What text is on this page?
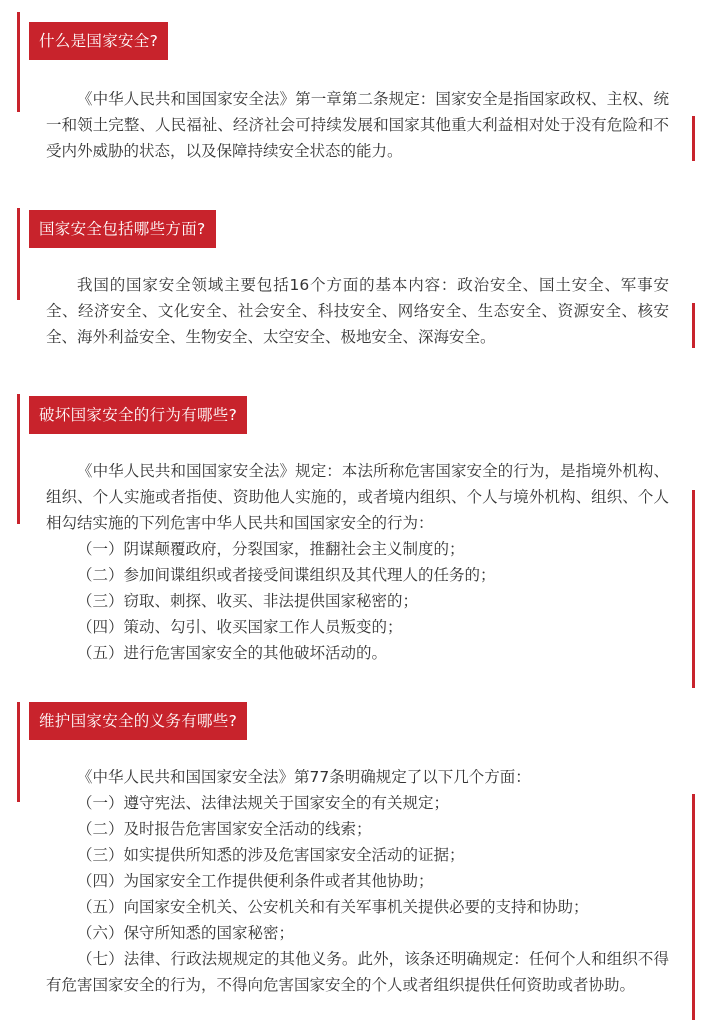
什么是国家安全?

《中华人民共和国国家安全法》第一章第二条规定：国家安全是指国家政权、主权、统一和领土完整、人民福祉、经济社会可持续发展和国家其他重大利益相对处于没有危险和不受内外威胁的状态，以及保障持续安全状态的能力。

国家安全包括哪些方面?

我国的国家安全领域主要包括16个方面的基本内容：政治安全、国土安全、军事安全、经济安全、文化安全、社会安全、科技安全、网络安全、生态安全、资源安全、核安全、海外利益安全、生物安全、太空安全、极地安全、深海安全。

破坏国家安全的行为有哪些?

《中华人民共和国国家安全法》规定：本法所称危害国家安全的行为，是指境外机构、组织、个人实施或者指使、资助他人实施的，或者境内组织、个人与境外机构、组织、个人相勾结实施的下列危害中华人民共和国国家安全的行为：

（一）阴谋颠覆政府，分裂国家，推翻社会主义制度的；
（二）参加间谍组织或者接受间谍组织及其代理人的任务的；
（三）窃取、刺探、收买、非法提供国家秘密的；
（四）策动、勾引、收买国家工作人员叛变的；
（五）进行危害国家安全的其他破坏活动的。
维护国家安全的义务有哪些?
《中华人民共和国国家安全法》第77条明确规定了以下几个方面：
（一）遵守宪法、法律法规关于国家安全的有关规定；
（二）及时报告危害国家安全活动的线索；
（三）如实提供所知悉的涉及危害国家安全活动的证据；
（四）为国家安全工作提供便利条件或者其他协助；
（五）向国家安全机关、公安机关和有关军事机关提供必要的支持和协助；
（六）保守所知悉的国家秘密；
（七）法律、行政法规规定的其他义务。此外，该条还明确规定：任何个人和组织不得有危害国家安全的行为，不得向危害国家安全的个人或者组织提供任何资助或者协助。
